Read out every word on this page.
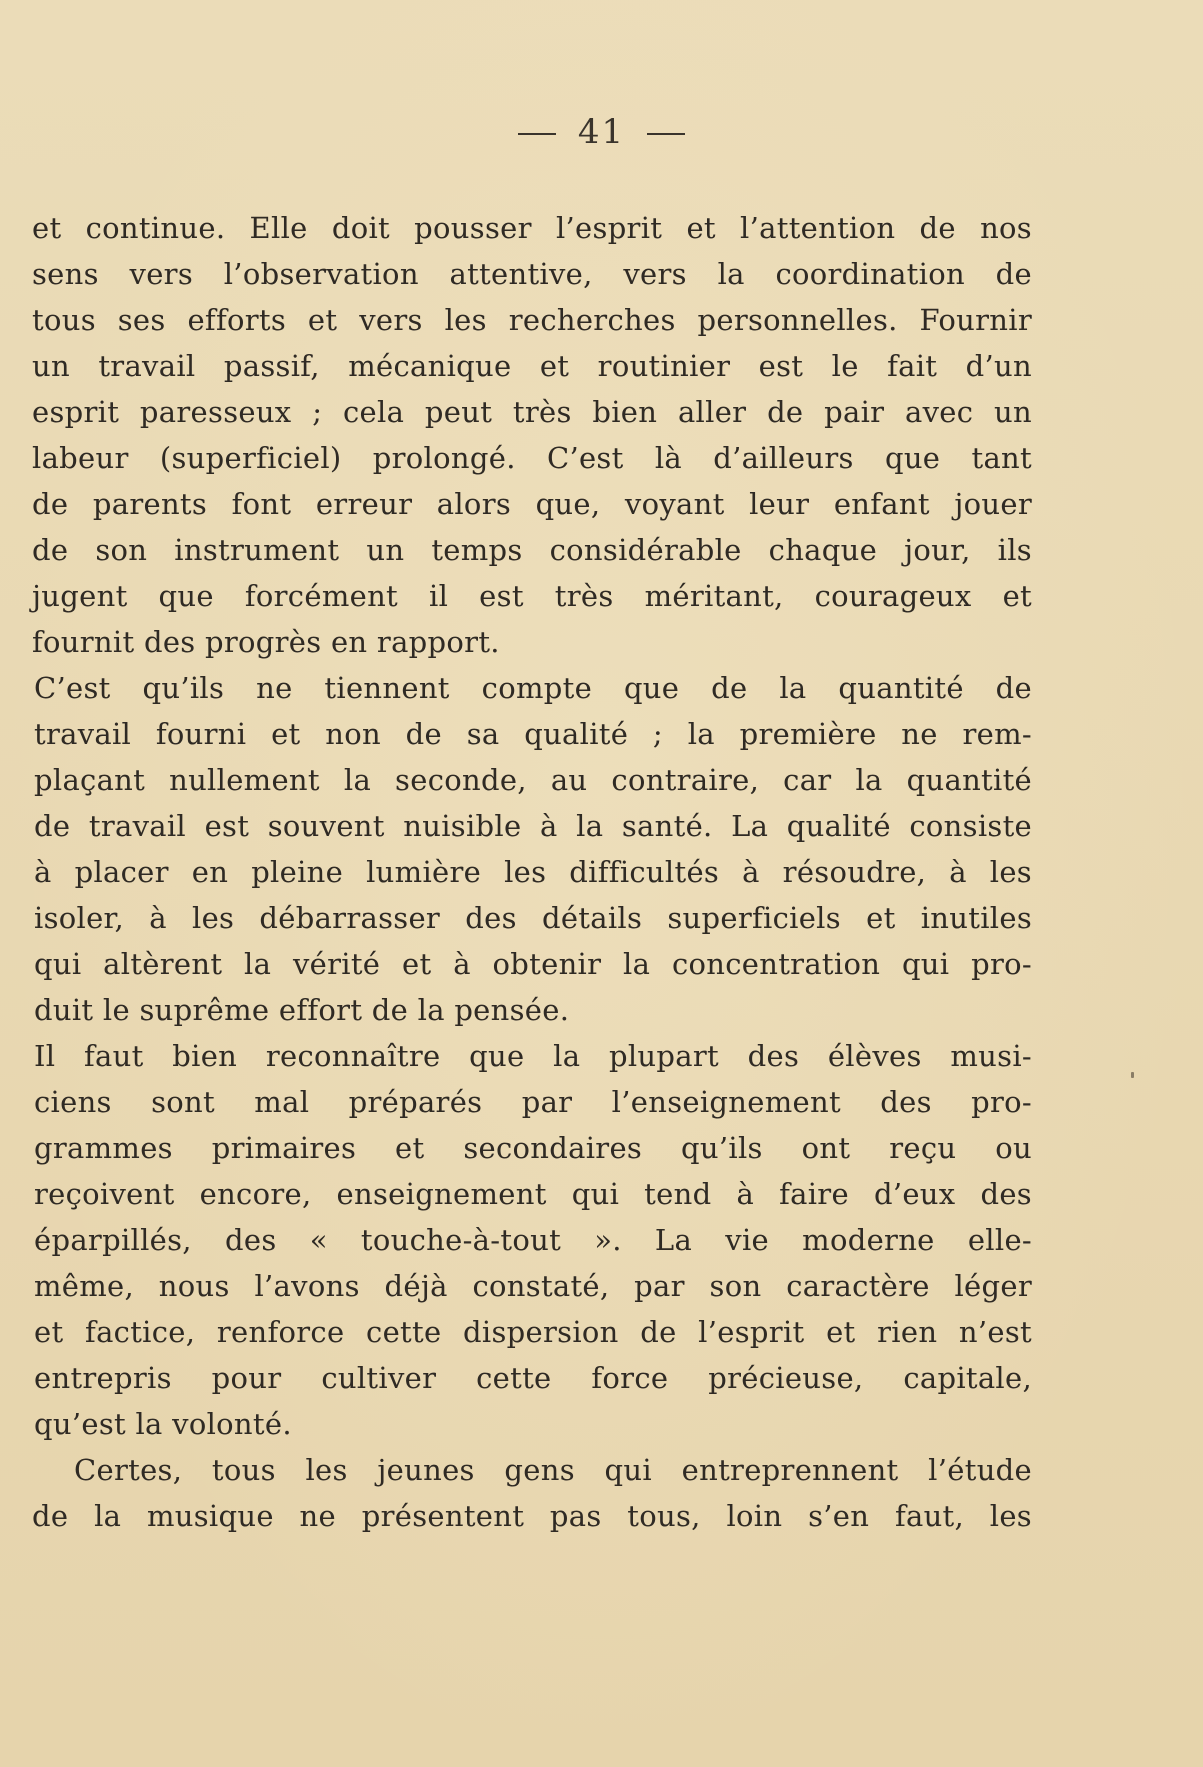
41
et continue. Elle doit pousser l’esprit et l’attention de nos
sens vers l’observation attentive, vers la coordination de
tous ses efforts et vers les recherches personnelles. Fournir
un travail passif, mécanique et routinier est le fait d’un
esprit paresseux ; cela peut très bien aller de pair avec un
labeur (superficiel) prolongé. C’est là d’ailleurs que tant
de parents font erreur alors que, voyant leur enfant jouer
de son instrument un temps considérable chaque jour, ils
jugent que forcément il est très méritant, courageux et
fournit des progrès en rapport.
C’est qu’ils ne tiennent compte que de la quantité de
travail fourni et non de sa qualité ; la première ne rem-
plaçant nullement la seconde, au contraire, car la quantité
de travail est souvent nuisible à la santé. La qualité consiste
à placer en pleine lumière les difficultés à résoudre, à les
isoler, à les débarrasser des détails superficiels et inutiles
qui altèrent la vérité et à obtenir la concentration qui pro-
duit le suprême effort de la pensée.
Il faut bien reconnaître que la plupart des élèves musi-
ciens sont mal préparés par l’enseignement des pro-
grammes primaires et secondaires qu’ils ont reçu ou
reçoivent encore, enseignement qui tend à faire d’eux des
éparpillés, des « touche-à-tout ». La vie moderne elle-
même, nous l’avons déjà constaté, par son caractère léger
et factice, renforce cette dispersion de l’esprit et rien n’est
entrepris pour cultiver cette force précieuse, capitale,
qu’est la volonté.
Certes, tous les jeunes gens qui entreprennent l’étude
de la musique ne présentent pas tous, loin s’en faut, les
